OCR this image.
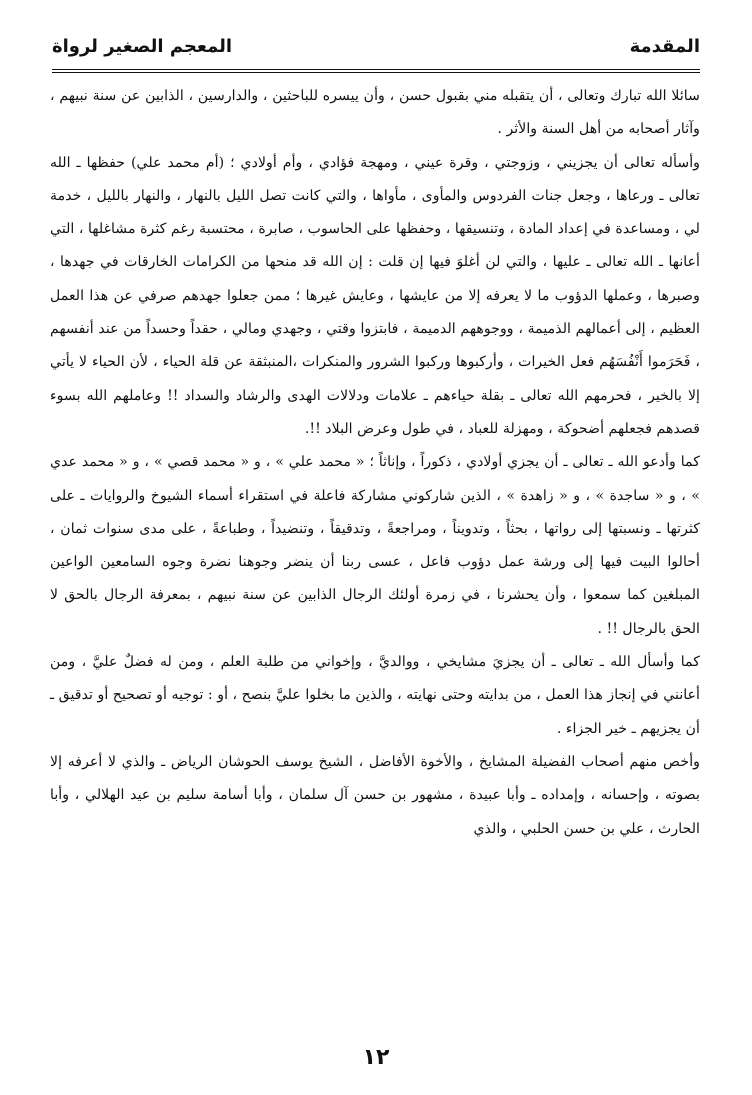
المقدمة
المعجم الصغير لرواة

سائلا الله تبارك وتعالى ، أن يتقبله مني بقبول حسن ، وأن ييسره للباحثين ، والدارسين ، الذابين عن سنة نبيهم ، وآثار أصحابه من أهل السنة والأثر .

وأسأله تعالى أن يجزيني ، وزوجتي ، وقرة عيني ، ومهجة فؤادي ، وأم أولادي ؛ (أم محمد علي) حفظها ـ الله تعالى ـ ورعاها ، وجعل جنات الفردوس والمأوى ، مأواها ، والتي كانت تصل الليل بالنهار ، والنهار بالليل ، خدمة لي ، ومساعدة في إعداد المادة ، وتنسيقها ، وحفظها على الحاسوب ، صابرة ، محتسبة رغم كثرة مشاغلها ، التي أعانها ـ الله تعالى ـ عليها ، والتي لن أغلوَ فيها إن قلت : إن الله قد منحها من الكرامات الخارقات في جهدها ، وصبرها ، وعملها الدؤوب ما لا يعرفه إلا من عايشها ، وعايش غيرها ؛ ممن جعلوا جهدهم صرفي عن هذا العمل العظيم ، إلى أعمالهم الذميمة ، ووجوههم الدميمة ، فابتزوا وقتي ، وجهدي ومالي ، حقداً وحسداً من عند أنفسهم ، فَحَرَموا أَنْفُسَهُم فعل الخيرات ، وأركبوها وركبوا الشرور والمنكرات ،المنبثقة عن قلة الحياء ، لأن الحياء لا يأتي إلا بالخير ، فحرمهم الله تعالى ـ بقلة حياءهم ـ علامات ودلالات الهدى والرشاد والسداد !! وعاملهم الله بسوء قصدهم فجعلهم أضحوكة ، ومهزلة للعباد ، في طول وعرض البلاد !!.

كما وأدعو الله ـ تعالى ـ أن يجزي أولادي ، ذكوراً ، وإناثاً ؛ « محمد علي » ، و « محمد قصي » ، و « محمد عدي » ، و « ساجدة » ، و « زاهدة » ، الذين شاركوني مشاركة فاعلة في استقراء أسماء الشيوخ والروايات ـ على كثرتها ـ ونسبتها إلى رواتها ، بحثاً ، وتدويناً ، ومراجعةً ، وتدقيقاً ، وتنضيداً ، وطباعةً ، على مدى سنوات ثمان ، أحالوا البيت فيها إلى ورشة عمل دؤوب فاعل ، عسى ربنا أن ينضر وجوهنا نضرة وجوه السامعين الواعين المبلغين كما سمعوا ، وأن يحشرنا ، في زمرة أولئك الرجال الذابين عن سنة نبيهم ، بمعرفة الرجال بالحق لا الحق بالرجال !! .

كما وأسأل الله ـ تعالى ـ أن يجزيَ مشايخي ، ووالديَّ ، وإخواني من طلبة العلم ، ومن له فضلٌ عليَّ ، ومن أعانني في إنجاز هذا العمل ، من بدايته وحتى نهايته ، والذين ما بخلوا عليَّ بنصح ، أو : توجيه أو تصحيح أو تدقيق ـ أن يجزيهم ـ خير الجزاء .

وأخص منهم أصحاب الفضيلة المشايخ ، والأخوة الأفاضل ، الشيخ يوسف الحوشان الرياض ـ والذي لا أعرفه إلا بصوته ، وإحسانه ، وإمداده ـ وأبا عبيدة ، مشهور بن حسن آل سلمان ، وأبا أسامة سليم بن عيد الهلالي ، وأبا الحارث ، علي بن حسن الحلبي ، والذي

١٢
